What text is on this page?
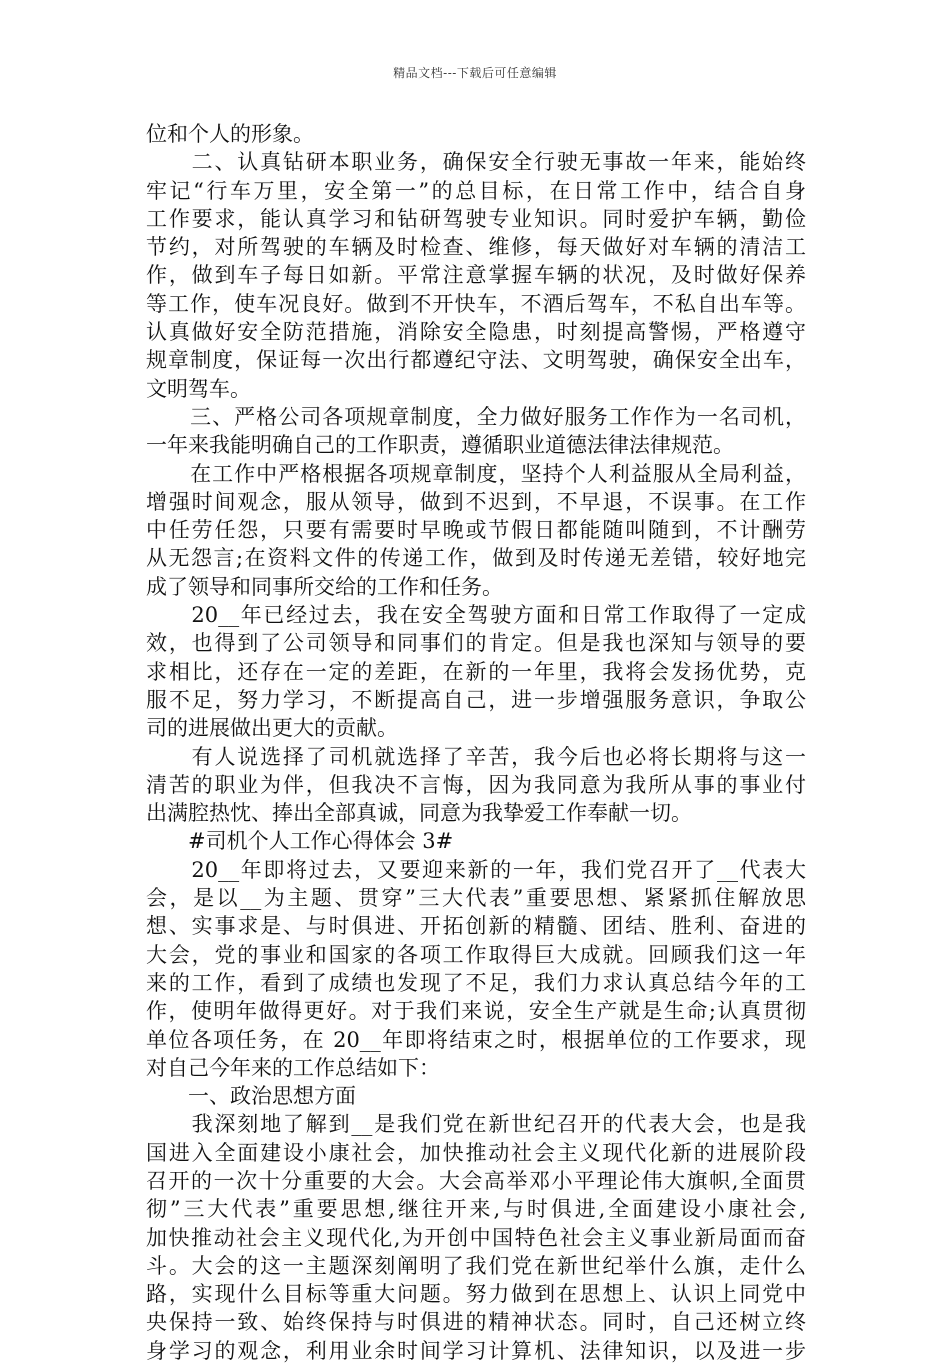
精品文档---下载后可任意编辑
位和个人的形象。
　　二、认真钻研本职业务，确保安全行驶无事故一年来，能始终
牢记“行车万里，安全第一”的总目标，在日常工作中，结合自身
工作要求，能认真学习和钻研驾驶专业知识。同时爱护车辆，勤俭
节约，对所驾驶的车辆及时检查、维修，每天做好对车辆的清洁工
作，做到车子每日如新。平常注意掌握车辆的状况，及时做好保养
等工作，使车况良好。做到不开快车，不酒后驾车，不私自出车等。
认真做好安全防范措施，消除安全隐患，时刻提高警惕，严格遵守
规章制度，保证每一次出行都遵纪守法、文明驾驶，确保安全出车，
文明驾车。
　　三、严格公司各项规章制度，全力做好服务工作作为一名司机，
一年来我能明确自己的工作职责，遵循职业道德法律法律规范。
　　在工作中严格根据各项规章制度，坚持个人利益服从全局利益，
增强时间观念，服从领导，做到不迟到，不早退，不误事。在工作
中任劳任怨，只要有需要时早晚或节假日都能随叫随到，不计酬劳
从无怨言;在资料文件的传递工作，做到及时传递无差错，较好地完
成了领导和同事所交给的工作和任务。
　　20__年已经过去，我在安全驾驶方面和日常工作取得了一定成
效，也得到了公司领导和同事们的肯定。但是我也深知与领导的要
求相比，还存在一定的差距，在新的一年里，我将会发扬优势，克
服不足，努力学习，不断提高自己，进一步增强服务意识，争取公
司的进展做出更大的贡献。
　　有人说选择了司机就选择了辛苦，我今后也必将长期将与这一
清苦的职业为伴，但我决不言悔，因为我同意为我所从事的事业付
出满腔热忱、捧出全部真诚，同意为我挚爱工作奉献一切。
　　#司机个人工作心得体会 3#
　　20__年即将过去，又要迎来新的一年，我们党召开了__代表大
会，是以__为主题、贯穿”三大代表”重要思想、紧紧抓住解放思
想、实事求是、与时俱进、开拓创新的精髓、团结、胜利、奋进的
大会，党的事业和国家的各项工作取得巨大成就。回顾我们这一年
来的工作，看到了成绩也发现了不足，我们力求认真总结今年的工
作，使明年做得更好。对于我们来说，安全生产就是生命;认真贯彻
单位各项任务，在 20__年即将结束之时，根据单位的工作要求，现
对自己今年来的工作总结如下：
　　一、政治思想方面
　　我深刻地了解到__是我们党在新世纪召开的代表大会，也是我
国进入全面建设小康社会，加快推动社会主义现代化新的进展阶段
召开的一次十分重要的大会。大会高举邓小平理论伟大旗帜,全面贯
彻”三大代表”重要思想,继往开来,与时俱进,全面建设小康社会,
加快推动社会主义现代化,为开创中国特色社会主义事业新局面而奋
斗。大会的这一主题深刻阐明了我们党在新世纪举什么旗，走什么
路，实现什么目标等重大问题。努力做到在思想上、认识上同党中
央保持一致、始终保持与时俱进的精神状态。同时，自己还树立终
身学习的观念，利用业余时间学习计算机、法律知识，以及进一步
